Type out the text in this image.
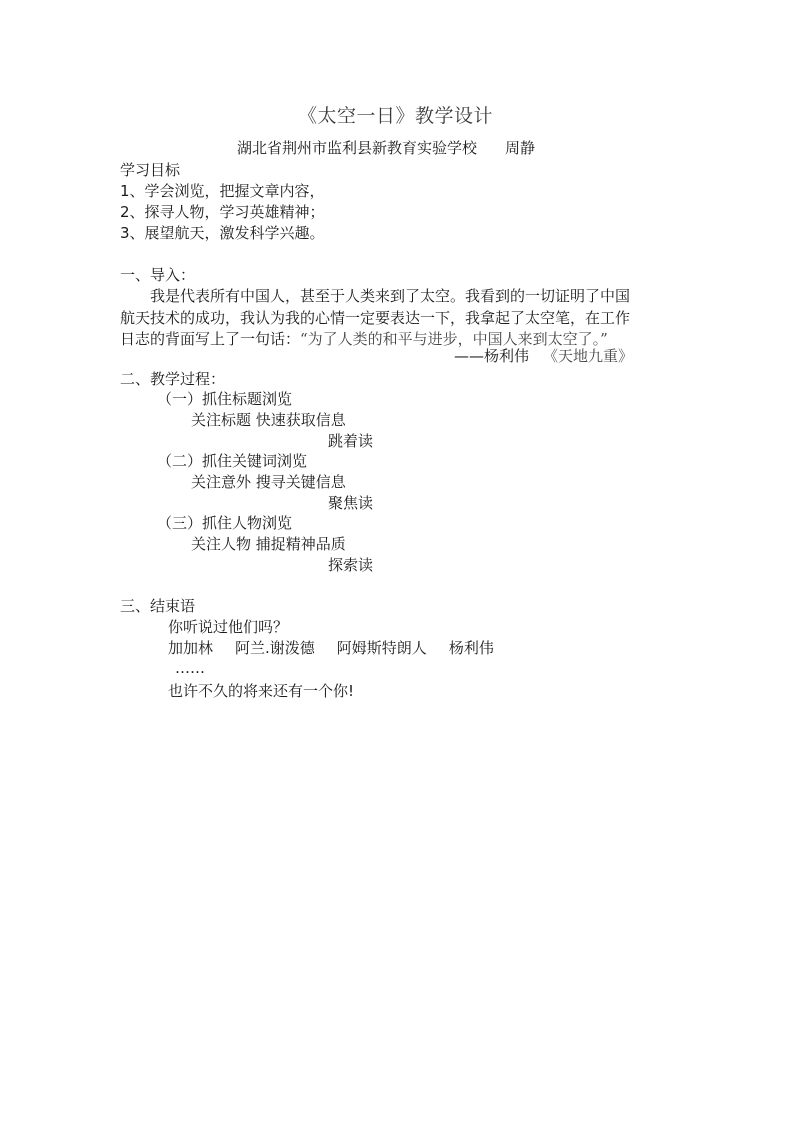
《太空一日》教学设计
湖北省荆州市监利县新教育实验学校 周静
学习目标
1、学会浏览，把握文章内容，
2、探寻人物，学习英雄精神；
3、展望航天，激发科学兴趣。
一、导入：
我是代表所有中国人，甚至于人类来到了太空。我看到的一切证明了中国
航天技术的成功，我认为我的心情一定要表达一下，我拿起了太空笔，在工作
日志的背面写上了一句话：“为了人类的和平与进步，中国人来到太空了。”
——杨利伟 《天地九重》
二、教学过程：
（一）抓住标题浏览
关注标题 快速获取信息
跳着读
（二）抓住关键词浏览
关注意外 搜寻关键信息
聚焦读
（三）抓住人物浏览
关注人物 捕捉精神品质
探索读
三、结束语
你听说过他们吗？
加加林 阿兰.谢泼德 阿姆斯特朗人 杨利伟
……
也许不久的将来还有一个你!
